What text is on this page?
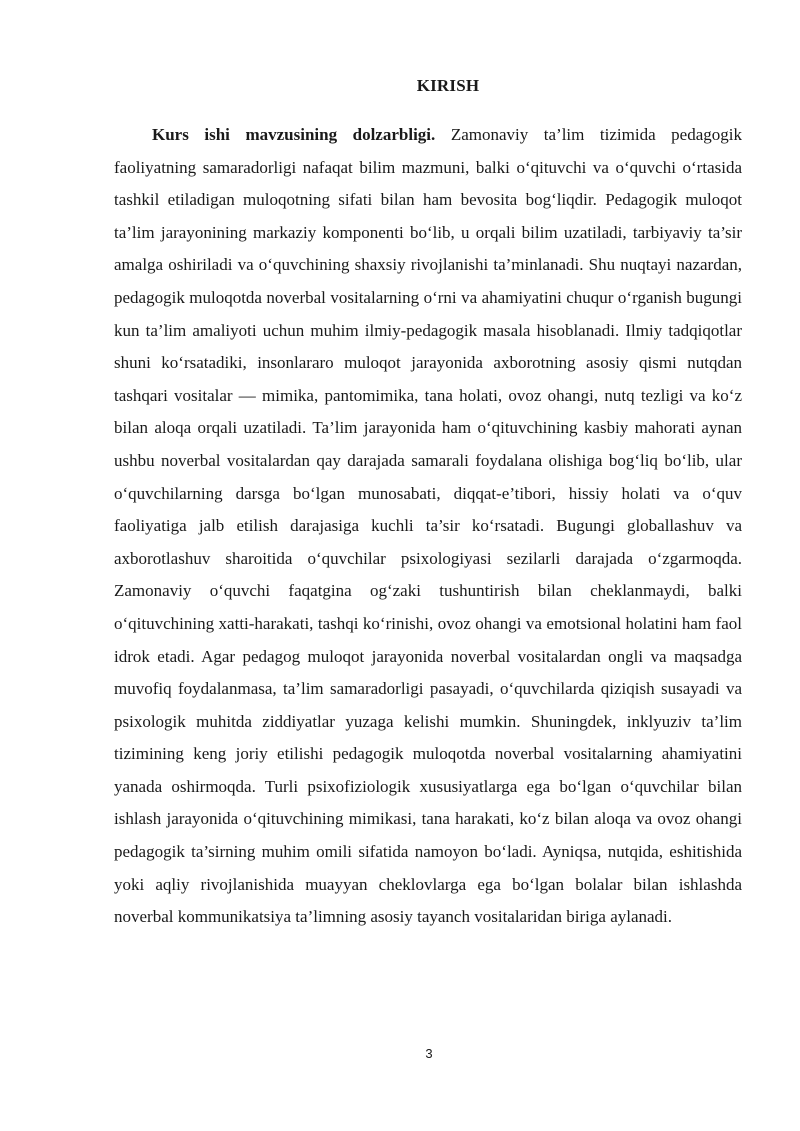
KIRISH

Kurs ishi mavzusining dolzarbligi. Zamonaviy ta’lim tizimida pedagogik faoliyatning samaradorligi nafaqat bilim mazmuni, balki o‘qituvchi va o‘quvchi o‘rtasida tashkil etiladigan muloqotning sifati bilan ham bevosita bog‘liqdir. Pedagogik muloqot ta’lim jarayonining markaziy komponenti bo‘lib, u orqali bilim uzatiladi, tarbiyaviy ta’sir amalga oshiriladi va o‘quvchining shaxsiy rivojlanishi ta’minlanadi. Shu nuqtayi nazardan, pedagogik muloqotda noverbal vositalarning o‘rni va ahamiyatini chuqur o‘rganish bugungi kun ta’lim amaliyoti uchun muhim ilmiy-pedagogik masala hisoblanadi. Ilmiy tadqiqotlar shuni ko‘rsatadiki, insonlararo muloqot jarayonida axborotning asosiy qismi nutqdan tashqari vositalar — mimika, pantomimika, tana holati, ovoz ohangi, nutq tezligi va ko‘z bilan aloqa orqali uzatiladi. Ta’lim jarayonida ham o‘qituvchining kasbiy mahorati aynan ushbu noverbal vositalardan qay darajada samarali foydalana olishiga bog‘liq bo‘lib, ular o‘quvchilarning darsga bo‘lgan munosabati, diqqat-e’tibori, hissiy holati va o‘quv faoliyatiga jalb etilish darajasiga kuchli ta’sir ko‘rsatadi. Bugungi globallashuv va axborotlashuv sharoitida o‘quvchilar psixologiyasi sezilarli darajada o‘zgarmoqda. Zamonaviy o‘quvchi faqatgina og‘zaki tushuntirish bilan cheklanmaydi, balki o‘qituvchining xatti-harakati, tashqi ko‘rinishi, ovoz ohangi va emotsional holatini ham faol idrok etadi. Agar pedagog muloqot jarayonida noverbal vositalardan ongli va maqsadga muvofiq foydalanmasa, ta’lim samaradorligi pasayadi, o‘quvchilarda qiziqish susayadi va psixologik muhitda ziddiyatlar yuzaga kelishi mumkin. Shuningdek, inklyuziv ta’lim tizimining keng joriy etilishi pedagogik muloqotda noverbal vositalarning ahamiyatini yanada oshirmoqda. Turli psixofiziologik xususiyatlarga ega bo‘lgan o‘quvchilar bilan ishlash jarayonida o‘qituvchining mimikasi, tana harakati, ko‘z bilan aloqa va ovoz ohangi pedagogik ta’sirning muhim omili sifatida namoyon bo‘ladi. Ayniqsa, nutqida, eshitishida yoki aqliy rivojlanishida muayyan cheklovlarga ega bo‘lgan bolalar bilan ishlashda noverbal kommunikatsiya ta’limning asosiy tayanch vositalaridan biriga aylanadi.

3
